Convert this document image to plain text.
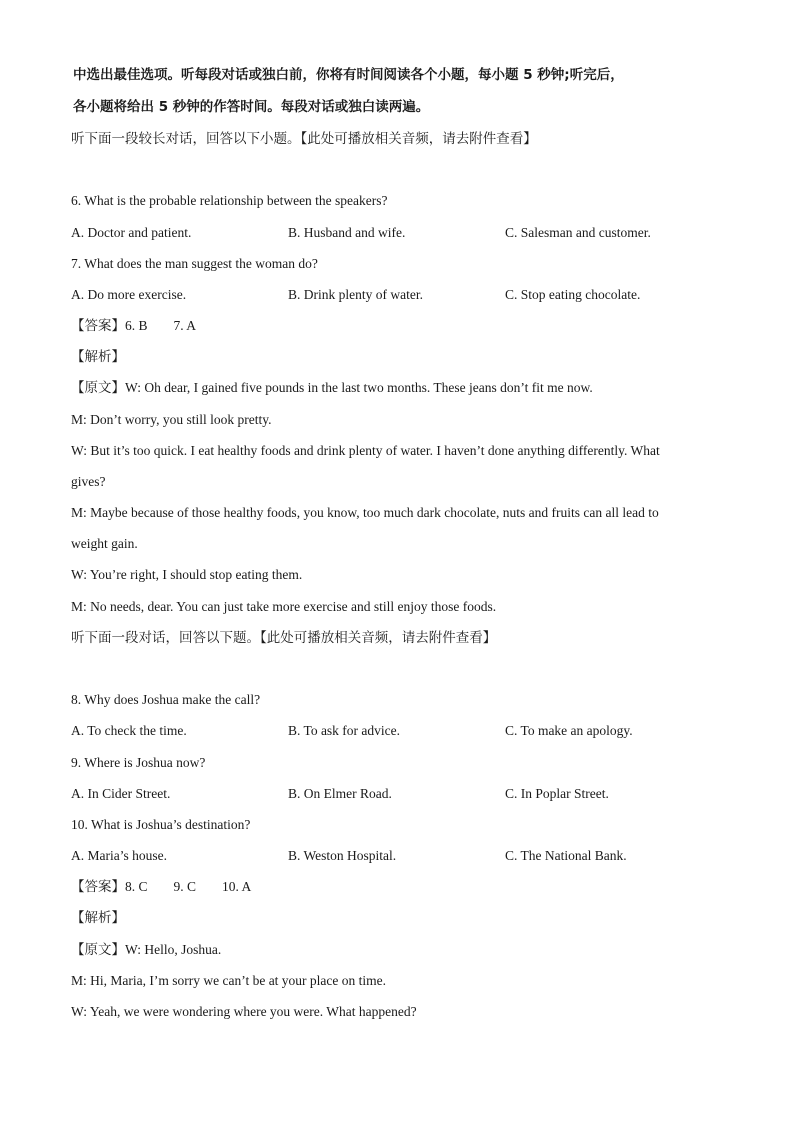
中选出最佳选项。听每段对话或独白前，你将有时间阅读各个小题，每小题 5 秒钟;听完后，
各小题将给出 5 秒钟的作答时间。每段对话或独白读两遍。
听下面一段较长对话，回答以下小题。【此处可播放相关音频，请去附件查看】
6. What is the probable relationship between the speakers?
A. Doctor and patient.	B. Husband and wife.	C. Salesman and customer.
7. What does the man suggest the woman do?
A. Do more exercise.	B. Drink plenty of water.	C. Stop eating chocolate.
【答案】6. B 7. A
【解析】
【原文】W: Oh dear, I gained five pounds in the last two months. These jeans don’t fit me now.
M: Don’t worry, you still look pretty.
W: But it’s too quick. I eat healthy foods and drink plenty of water. I haven’t done anything differently. What
gives?
M: Maybe because of those healthy foods, you know, too much dark chocolate, nuts and fruits can all lead to
weight gain.
W: You’re right, I should stop eating them.
M: No needs, dear. You can just take more exercise and still enjoy those foods.
听下面一段对话，回答以下题。【此处可播放相关音频，请去附件查看】
8. Why does Joshua make the call?
A. To check the time.	B. To ask for advice.	C. To make an apology.
9. Where is Joshua now?
A. In Cider Street.	B. On Elmer Road.	C. In Poplar Street.
10. What is Joshua’s destination?
A. Maria’s house.	B. Weston Hospital.	C. The National Bank.
【答案】8. C 9. C 10. A
【解析】
【原文】W: Hello, Joshua.
M: Hi, Maria, I’m sorry we can’t be at your place on time.
W: Yeah, we were wondering where you were. What happened?
